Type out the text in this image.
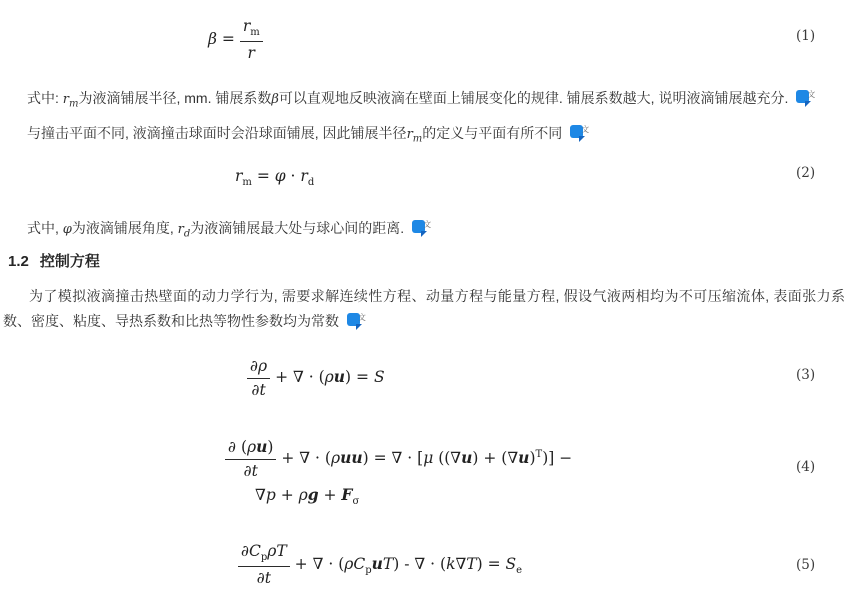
$\beta = \frac{r_m}{r}$	(1)

式中: $r_m$为液滴铺展半径, mm. 铺展系数β可以直观地反映液滴在壁面上铺展变化的规律. 铺展系数越大, 说明液滴铺展越充分.	A
文

与撞击平面不同, 液滴撞击球面时会沿球面铺展, 因此铺展半径$r_m$的定义与平面有所不同	A
文

$r_m = \varphi \cdot r_d$
(2)

式中, φ为液滴铺展角度, $r_d$为液滴铺展最大处与球心间的距离.	A
文

1.2 控制方程

为了模拟液滴撞击热壁面的动力学行为, 需要求解连续性方程、动量方程与能量方程, 假设气液两相均为不可压缩流体, 表面张力系数、密度、粘度、导热系数和比热等物性参数均为常数	A
文

$\frac{\partial\rho}{\partial t}$ + ∇ · (ρu) = S	(3)
$\frac{\partial (\rho u)}{\partial t}$ + ∇ · (ρuu) = ∇ · [μ $((\nabla u) + (\nabla u)^T)$] −
$\nabla p + \rho g + F_\sigma$
(4)
$\frac{\partial C_p\rho T}{\partial t}$ + ∇ · $(\rho C_puT)$ - ∇ · $(k\nabla T) = S_e$	(5)
